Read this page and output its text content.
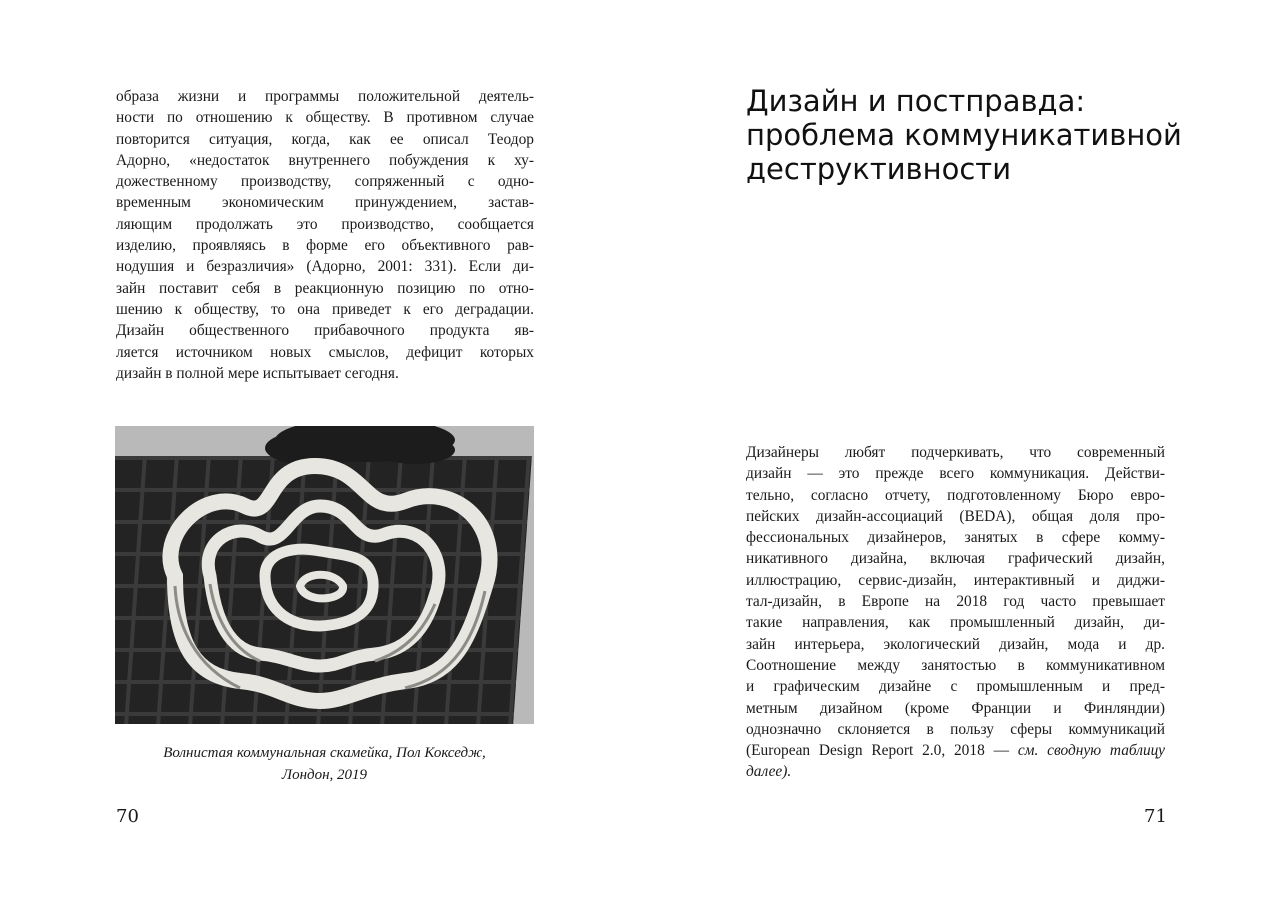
образа жизни и программы положительной деятель-
ности по отношению к обществу. В противном случае
повторится ситуация, когда, как ее описал Теодор
Адорно, «недостаток внутреннего побуждения к ху-
дожественному производству, сопряженный с одно-
временным экономическим принуждением, застав-
ляющим продолжать это производство, сообщается
изделию, проявляясь в форме его объективного рав-
нодушия и безразличия» (Адорно, 2001: 331). Если ди-
зайн поставит себя в реакционную позицию по отно-
шению к обществу, то она приведет к его деградации.
Дизайн общественного прибавочного продукта яв-
ляется источником новых смыслов, дефицит которых
дизайн в полной мере испытывает сегодня.
Волнистая коммунальная скамейка, Пол Кокседж,
Лондон, 2019
70
Дизайн и постправда:
проблема коммуникативной
деструктивности
Дизайнеры любят подчеркивать, что современный
дизайн — это прежде всего коммуникация. Действи-
тельно, согласно отчету, подготовленному Бюро евро-
пейских дизайн-ассоциаций (BEDA), общая доля про-
фессиональных дизайнеров, занятых в сфере комму-
никативного дизайна, включая графический дизайн,
иллюстрацию, сервис-дизайн, интерактивный и диджи-
тал-дизайн, в Европе на 2018 год часто превышает
такие направления, как промышленный дизайн, ди-
зайн интерьера, экологический дизайн, мода и др.
Соотношение между занятостью в коммуникативном
и графическим дизайне с промышленным и пред-
метным дизайном (кроме Франции и Финляндии)
однозначно склоняется в пользу сферы коммуникаций
(European Design Report 2.0, 2018 — см. сводную таблицу
далее).
71
